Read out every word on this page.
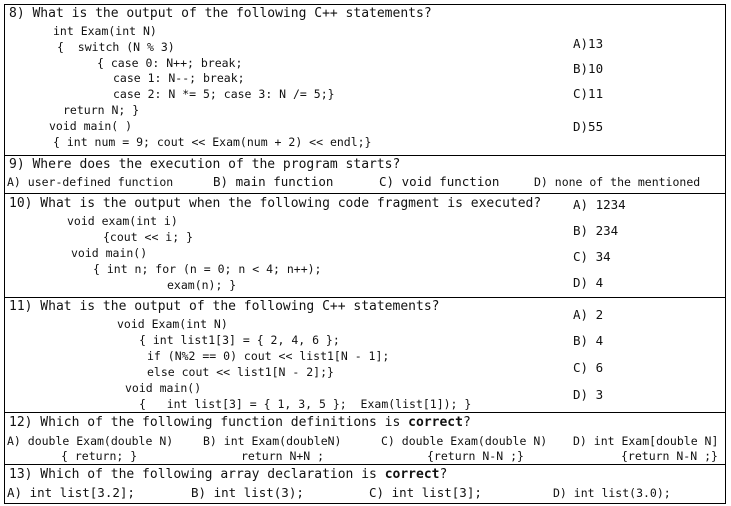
8) What is the output of the following C++ statements?
int Exam(int N)
{  switch (N % 3)
{ case 0: N++; break;
case 1: N--; break;
case 2: N *= 5; case 3: N /= 5;}
return N; }
void main( )
{ int num = 9; cout << Exam(num + 2) << endl;}
A)13
B)10
C)11
D)55
9) Where does the execution of the program starts?
A) user-defined function	B) main function	C) void function	D) none of the mentioned
10) What is the output when the following code fragment is executed?
void exam(int i)
{cout << i; }
void main()
{ int n; for (n = 0; n < 4; n++);
exam(n); }
A) 1234
B) 234
C) 34
D) 4
11) What is the output of the following C++ statements?
void Exam(int N)
{ int list1[3] = { 2, 4, 6 };
if (N%2 == 0) cout << list1[N - 1];
else cout << list1[N - 2];}
void main()
{   int list[3] = { 1, 3, 5 };  Exam(list[1]); }
A) 2
B) 4
C) 6
D) 3
12) Which of the following function definitions is correct?
A) double Exam(double N)
{ return; }
B) int Exam(doubleN)
return N+N ;
C) double Exam(double N)
{return N-N ;}
D) int Exam[double N]
{return N-N ;}
13) Which of the following array declaration is correct?
A) int list[3.2];	B) int list(3);	C) int list[3];	D) int list(3.0);
